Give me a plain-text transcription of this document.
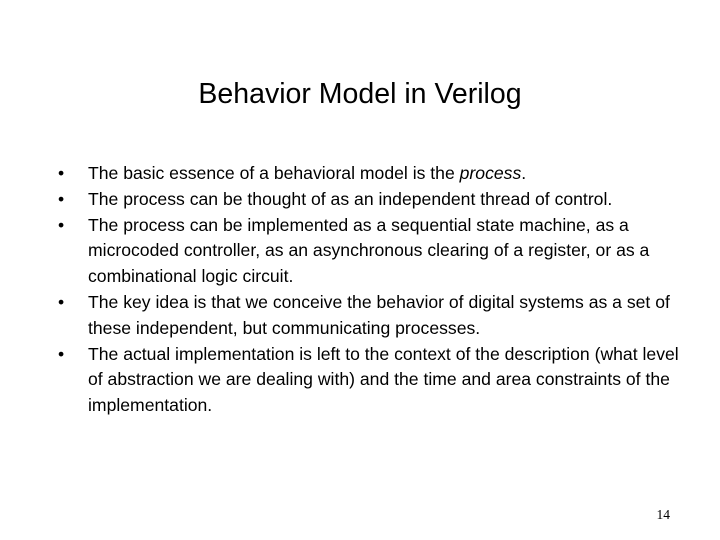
Behavior Model in Verilog
•	The basic essence of a behavioral model is the process.
•	The process can be thought of as an independent thread of control.
•	The process can be implemented as a sequential state machine, as a microcoded controller, as an asynchronous clearing of a register, or as a combinational logic circuit.
•	The key idea is that we conceive the behavior of digital systems as a set of these independent, but communicating processes.
•	The actual implementation is left to the context of the description (what level of abstraction we are dealing with) and the time and area constraints of the implementation.
14
